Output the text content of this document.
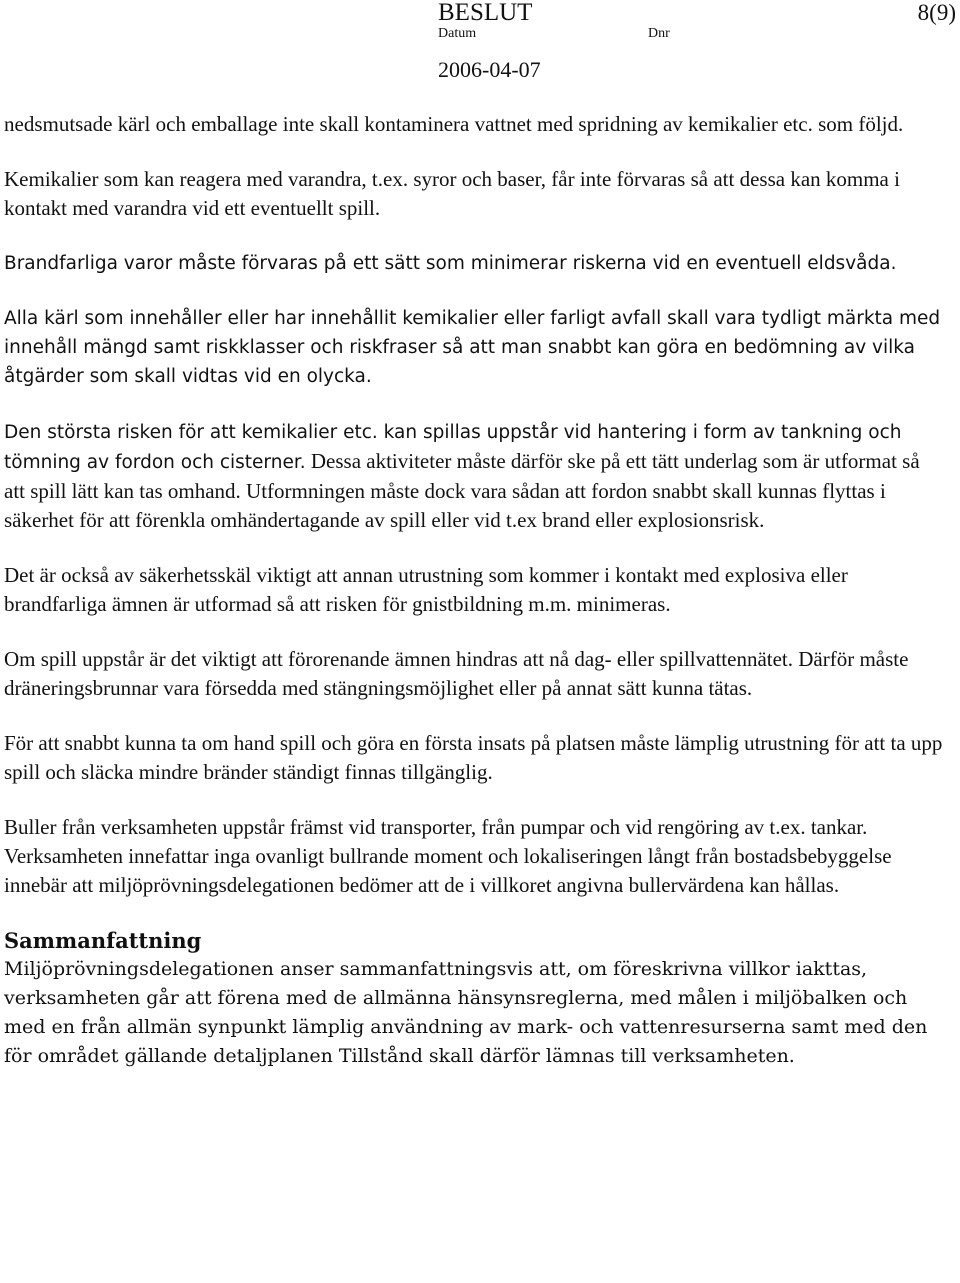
BESLUT	8(9)
Datum	Dnr
2006-04-07

nedsmutsade kärl och emballage inte skall kontaminera vattnet med spridning av kemikalier etc. som följd.

Kemikalier som kan reagera med varandra, t.ex. syror och baser, får inte förvaras så att dessa kan komma i kontakt med varandra vid ett eventuellt spill.

Brandfarliga varor måste förvaras på ett sätt som minimerar riskerna vid en eventuell eldsvåda.

Alla kärl som innehåller eller har innehållit kemikalier eller farligt avfall skall vara tydligt märkta med innehåll mängd samt riskklasser och riskfraser så att man snabbt kan göra en bedömning av vilka åtgärder som skall vidtas vid en olycka.

Den största risken för att kemikalier etc. kan spillas uppstår vid hantering i form av tankning och tömning av fordon och cisterner. Dessa aktiviteter måste därför ske på ett tätt underlag som är utformat så att spill lätt kan tas omhand. Utformningen måste dock vara sådan att fordon snabbt skall kunnas flyttas i säkerhet för att förenkla omhändertagande av spill eller vid t.ex brand eller explosionsrisk.

Det är också av säkerhetsskäl viktigt att annan utrustning som kommer i kontakt med explosiva eller brandfarliga ämnen är utformad så att risken för gnistbildning m.m. minimeras.

Om spill uppstår är det viktigt att förorenande ämnen hindras att nå dag- eller spillvattennätet. Därför måste dräneringsbrunnar vara försedda med stängningsmöjlighet eller på annat sätt kunna tätas.

För att snabbt kunna ta om hand spill och göra en första insats på platsen måste lämplig utrustning för att ta upp spill och släcka mindre bränder ständigt finnas tillgänglig.

Buller från verksamheten uppstår främst vid transporter, från pumpar och vid rengöring av t.ex. tankar. Verksamheten innefattar inga ovanligt bullrande moment och lokaliseringen långt från bostadsbebyggelse innebär att miljöprövningsdelegationen bedömer att de i villkoret angivna bullervärdena kan hållas.

Sammanfattning

Miljöprövningsdelegationen anser sammanfattningsvis att, om föreskrivna villkor iakttas, verksamheten går att förena med de allmänna hänsynsreglerna, med målen i miljöbalken och med en från allmän synpunkt lämplig användning av mark- och vattenresurserna samt med den för området gällande detaljplanen Tillstånd skall därför lämnas till verksamheten.
